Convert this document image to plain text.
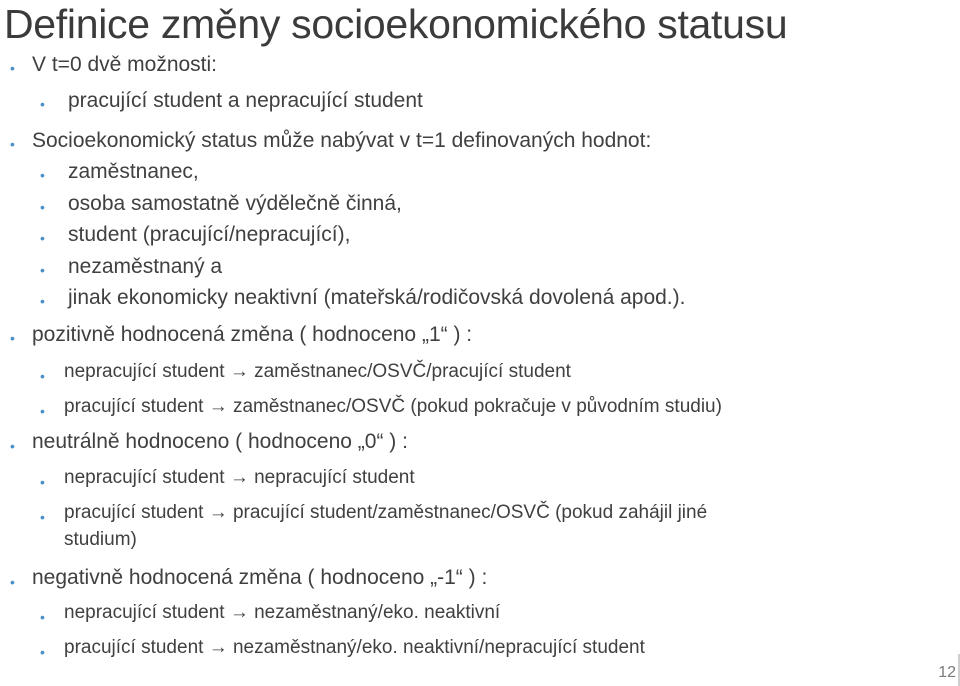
Definice změny socioekonomického statusu
• V t=0 dvě možnosti:
• pracující student a nepracující student
• Socioekonomický status může nabývat v t=1 definovaných hodnot:
• zaměstnanec,
• osoba samostatně výdělečně činná,
• student (pracující/nepracující),
• nezaměstnaný a
• jinak ekonomicky neaktivní (mateřská/rodičovská dovolená apod.).
• pozitivně hodnocená změna ( hodnoceno „1“ ) :
• nepracující student → zaměstnanec/OSVČ/pracující student
• pracující student → zaměstnanec/OSVČ (pokud pokračuje v původním studiu)
• neutrálně hodnoceno ( hodnoceno „0“ ) :
• nepracující student → nepracující student
• pracující student → pracující student/zaměstnanec/OSVČ (pokud zahájil jiné
studium)
• negativně hodnocená změna ( hodnoceno „-1“ ) :
• nepracující student → nezaměstnaný/eko. neaktivní
• pracující student → nezaměstnaný/eko. neaktivní/nepracující student
12
